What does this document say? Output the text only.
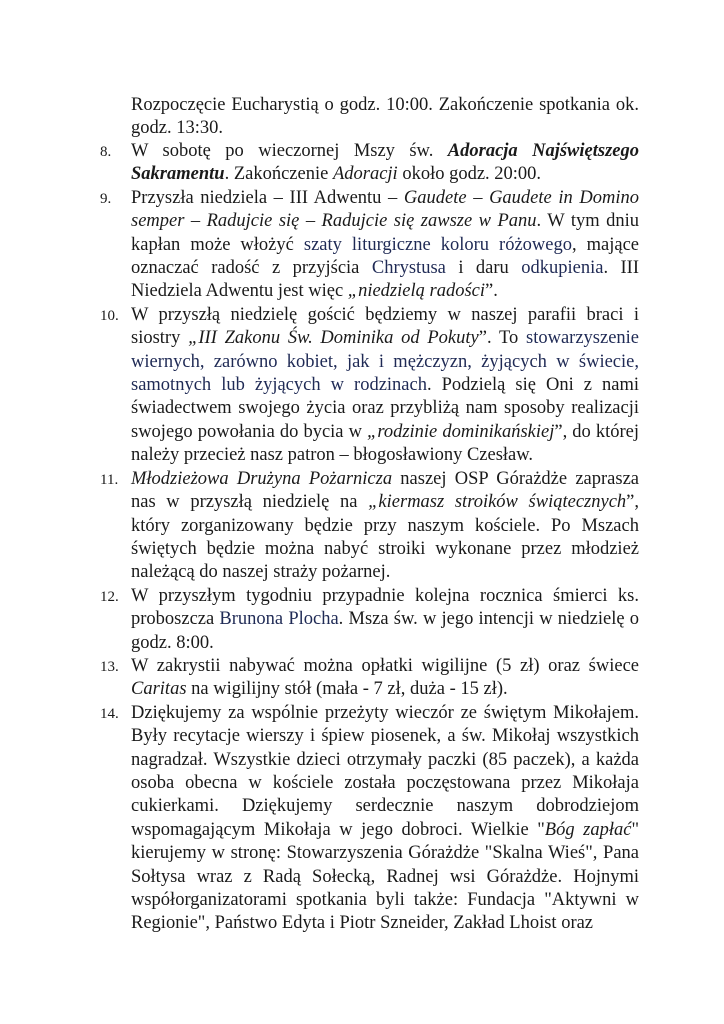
Rozpoczęcie Eucharystią o godz. 10:00. Zakończenie spotkania ok. godz. 13:30.

8.	W sobotę po wieczornej Mszy św. Adoracja Najświętszego Sakramentu. Zakończenie Adoracji około godz. 20:00.
9.	Przyszła niedziela – III Adwentu – Gaudete – Gaudete in Domino semper – Radujcie się – Radujcie się zawsze w Panu. W tym dniu kapłan może włożyć szaty liturgiczne koloru różowego, mające oznaczać radość z przyjścia Chrystusa i daru odkupienia. III Niedziela Adwentu jest więc „niedzielą radości”.
10. W przyszłą niedzielę gościć będziemy w naszej parafii braci i siostry „III Zakonu Św. Dominika od Pokuty”. To stowarzyszenie wiernych, zarówno kobiet, jak i mężczyzn, żyjących w świecie, samotnych lub żyjących w rodzinach. Podzielą się Oni z nami świadectwem swojego życia oraz przybliżą nam sposoby realizacji swojego powołania do bycia w „rodzinie dominikańskiej”, do której należy przecież nasz patron – błogosławiony Czesław.
11. Młodzieżowa Drużyna Pożarnicza naszej OSP Górażdże zaprasza nas w przyszłą niedzielę na „kiermasz stroików świątecznych”, który zorganizowany będzie przy naszym kościele. Po Mszach świętych będzie można nabyć stroiki wykonane przez młodzież należącą do naszej straży pożarnej.
12. W przyszłym tygodniu przypadnie kolejna rocznica śmierci ks. proboszcza Brunona Plocha. Msza św. w jego intencji w niedzielę o godz. 8:00.
13. W zakrystii nabywać można opłatki wigilijne (5 zł) oraz świece Caritas na wigilijny stół (mała - 7 zł, duża - 15 zł).
14. Dziękujemy za wspólnie przeżyty wieczór ze świętym Mikołajem. Były recytacje wierszy i śpiew piosenek, a św. Mikołaj wszystkich nagradzał. Wszystkie dzieci otrzymały paczki (85 paczek), a każda osoba obecna w kościele została poczęstowana przez Mikołaja cukierkami. Dziękujemy serdecznie naszym dobrodziejom wspomagającym Mikołaja w jego dobroci. Wielkie "Bóg zapłać" kierujemy w stronę: Stowarzyszenia Górażdże "Skalna Wieś", Pana Sołtysa wraz z Radą Sołecką, Radnej wsi Górażdże. Hojnymi współorganizatorami spotkania byli także: Fundacja "Aktywni w Regionie", Państwo Edyta i Piotr Szneider, Zakład Lhoist oraz
